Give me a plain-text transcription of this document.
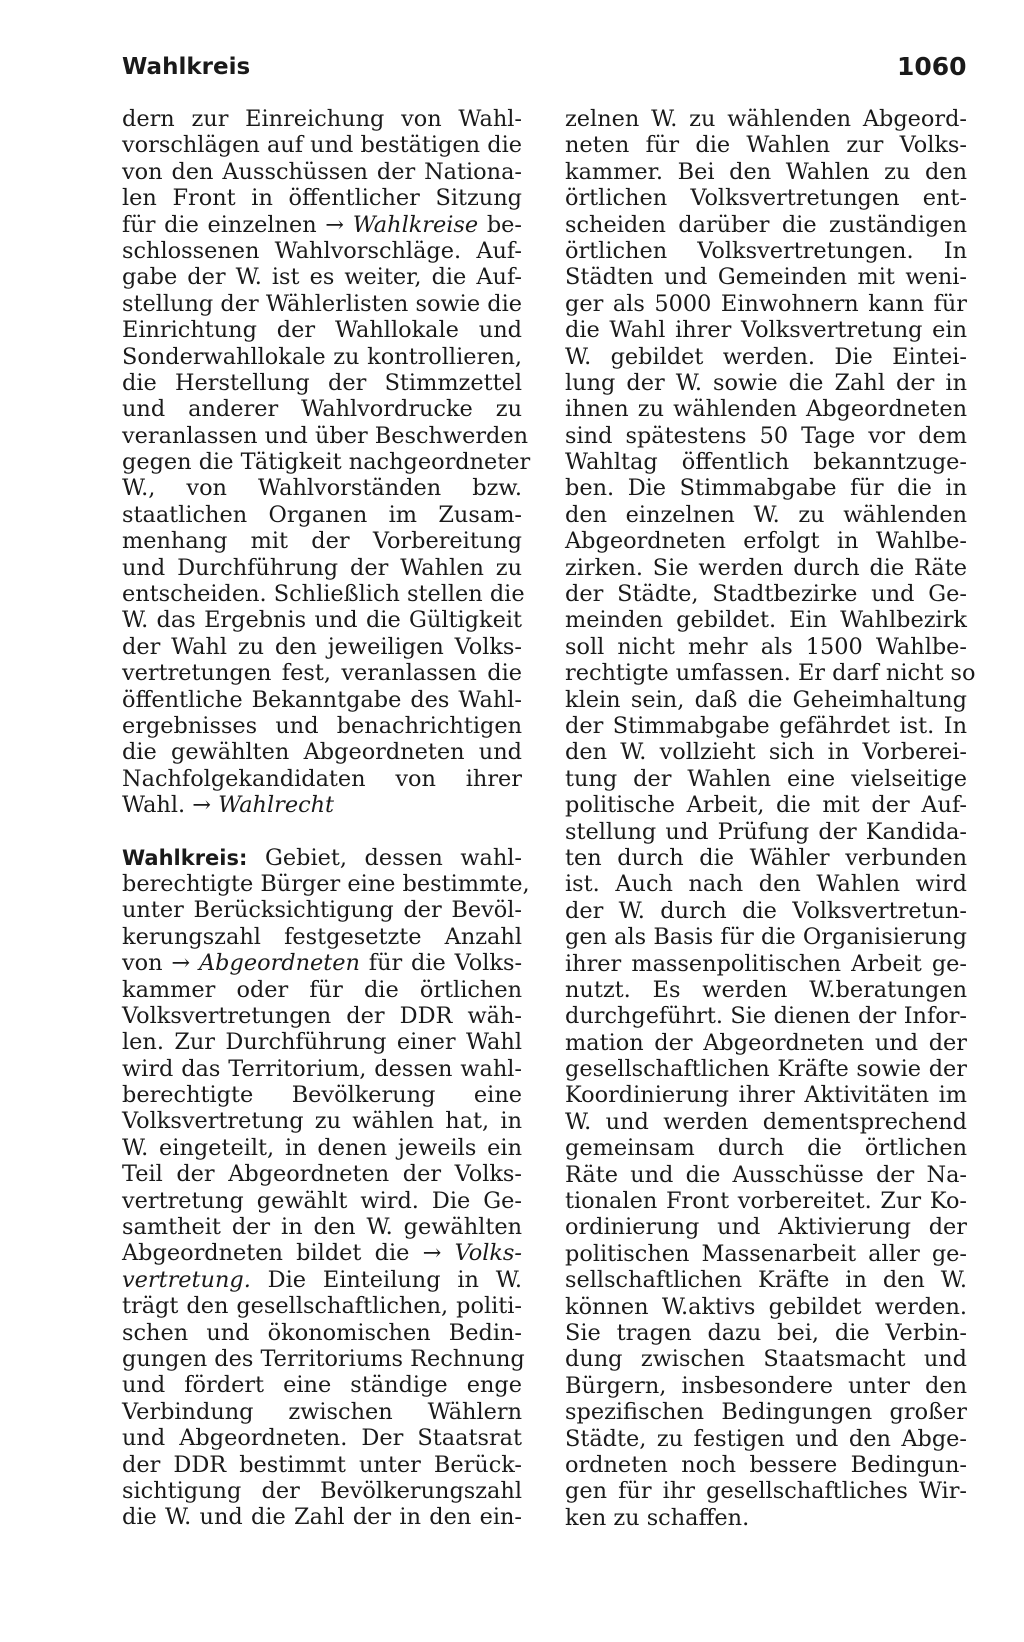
Wahlkreis	1060
dern zur Einreichung von Wahl-
vorschlägen auf und bestätigen die
von den Ausschüssen der Nationa-
len Front in öffentlicher Sitzung
für die einzelnen → Wahlkreise be-
schlossenen Wahlvorschläge. Auf-
gabe der W. ist es weiter, die Auf-
stellung der Wählerlisten sowie die
Einrichtung der Wahllokale und
Sonderwahllokale zu kontrollieren,
die Herstellung der Stimmzettel
und anderer Wahlvordrucke zu
veranlassen und über Beschwerden
gegen die Tätigkeit nachgeordneter
W., von Wahlvorständen bzw.
staatlichen Organen im Zusam-
menhang mit der Vorbereitung
und Durchführung der Wahlen zu
entscheiden. Schließlich stellen die
W. das Ergebnis und die Gültigkeit
der Wahl zu den jeweiligen Volks-
vertretungen fest, veranlassen die
öffentliche Bekanntgabe des Wahl-
ergebnisses und benachrichtigen
die gewählten Abgeordneten und
Nachfolgekandidaten von ihrer
Wahl. → Wahlrecht
Wahlkreis: Gebiet, dessen wahl-
berechtigte Bürger eine bestimmte,
unter Berücksichtigung der Bevöl-
kerungszahl festgesetzte Anzahl
von → Abgeordneten für die Volks-
kammer oder für die örtlichen
Volksvertretungen der DDR wäh-
len. Zur Durchführung einer Wahl
wird das Territorium, dessen wahl-
berechtigte Bevölkerung eine
Volksvertretung zu wählen hat, in
W. eingeteilt, in denen jeweils ein
Teil der Abgeordneten der Volks-
vertretung gewählt wird. Die Ge-
samtheit der in den W. gewählten
Abgeordneten bildet die → Volks-
vertretung. Die Einteilung in W.
trägt den gesellschaftlichen, politi-
schen und ökonomischen Bedin-
gungen des Territoriums Rechnung
und fördert eine ständige enge
Verbindung zwischen Wählern
und Abgeordneten. Der Staatsrat
der DDR bestimmt unter Berück-
sichtigung der Bevölkerungszahl
die W. und die Zahl der in den ein-
zelnen W. zu wählenden Abgeord-
neten für die Wahlen zur Volks-
kammer. Bei den Wahlen zu den
örtlichen Volksvertretungen ent-
scheiden darüber die zuständigen
örtlichen Volksvertretungen. In
Städten und Gemeinden mit weni-
ger als 5000 Einwohnern kann für
die Wahl ihrer Volksvertretung ein
W. gebildet werden. Die Eintei-
lung der W. sowie die Zahl der in
ihnen zu wählenden Abgeordneten
sind spätestens 50 Tage vor dem
Wahltag öffentlich bekanntzuge-
ben. Die Stimmabgabe für die in
den einzelnen W. zu wählenden
Abgeordneten erfolgt in Wahlbe-
zirken. Sie werden durch die Räte
der Städte, Stadtbezirke und Ge-
meinden gebildet. Ein Wahlbezirk
soll nicht mehr als 1500 Wahlbe-
rechtigte umfassen. Er darf nicht so
klein sein, daß die Geheimhaltung
der Stimmabgabe gefährdet ist. In
den W. vollzieht sich in Vorberei-
tung der Wahlen eine vielseitige
politische Arbeit, die mit der Auf-
stellung und Prüfung der Kandida-
ten durch die Wähler verbunden
ist. Auch nach den Wahlen wird
der W. durch die Volksvertretun-
gen als Basis für die Organisierung
ihrer massenpolitischen Arbeit ge-
nutzt. Es werden W.beratungen
durchgeführt. Sie dienen der Infor-
mation der Abgeordneten und der
gesellschaftlichen Kräfte sowie der
Koordinierung ihrer Aktivitäten im
W. und werden dementsprechend
gemeinsam durch die örtlichen
Räte und die Ausschüsse der Na-
tionalen Front vorbereitet. Zur Ko-
ordinierung und Aktivierung der
politischen Massenarbeit aller ge-
sellschaftlichen Kräfte in den W.
können W.aktivs gebildet werden.
Sie tragen dazu bei, die Verbin-
dung zwischen Staatsmacht und
Bürgern, insbesondere unter den
spezifischen Bedingungen großer
Städte, zu festigen und den Abge-
ordneten noch bessere Bedingun-
gen für ihr gesellschaftliches Wir-
ken zu schaffen.
